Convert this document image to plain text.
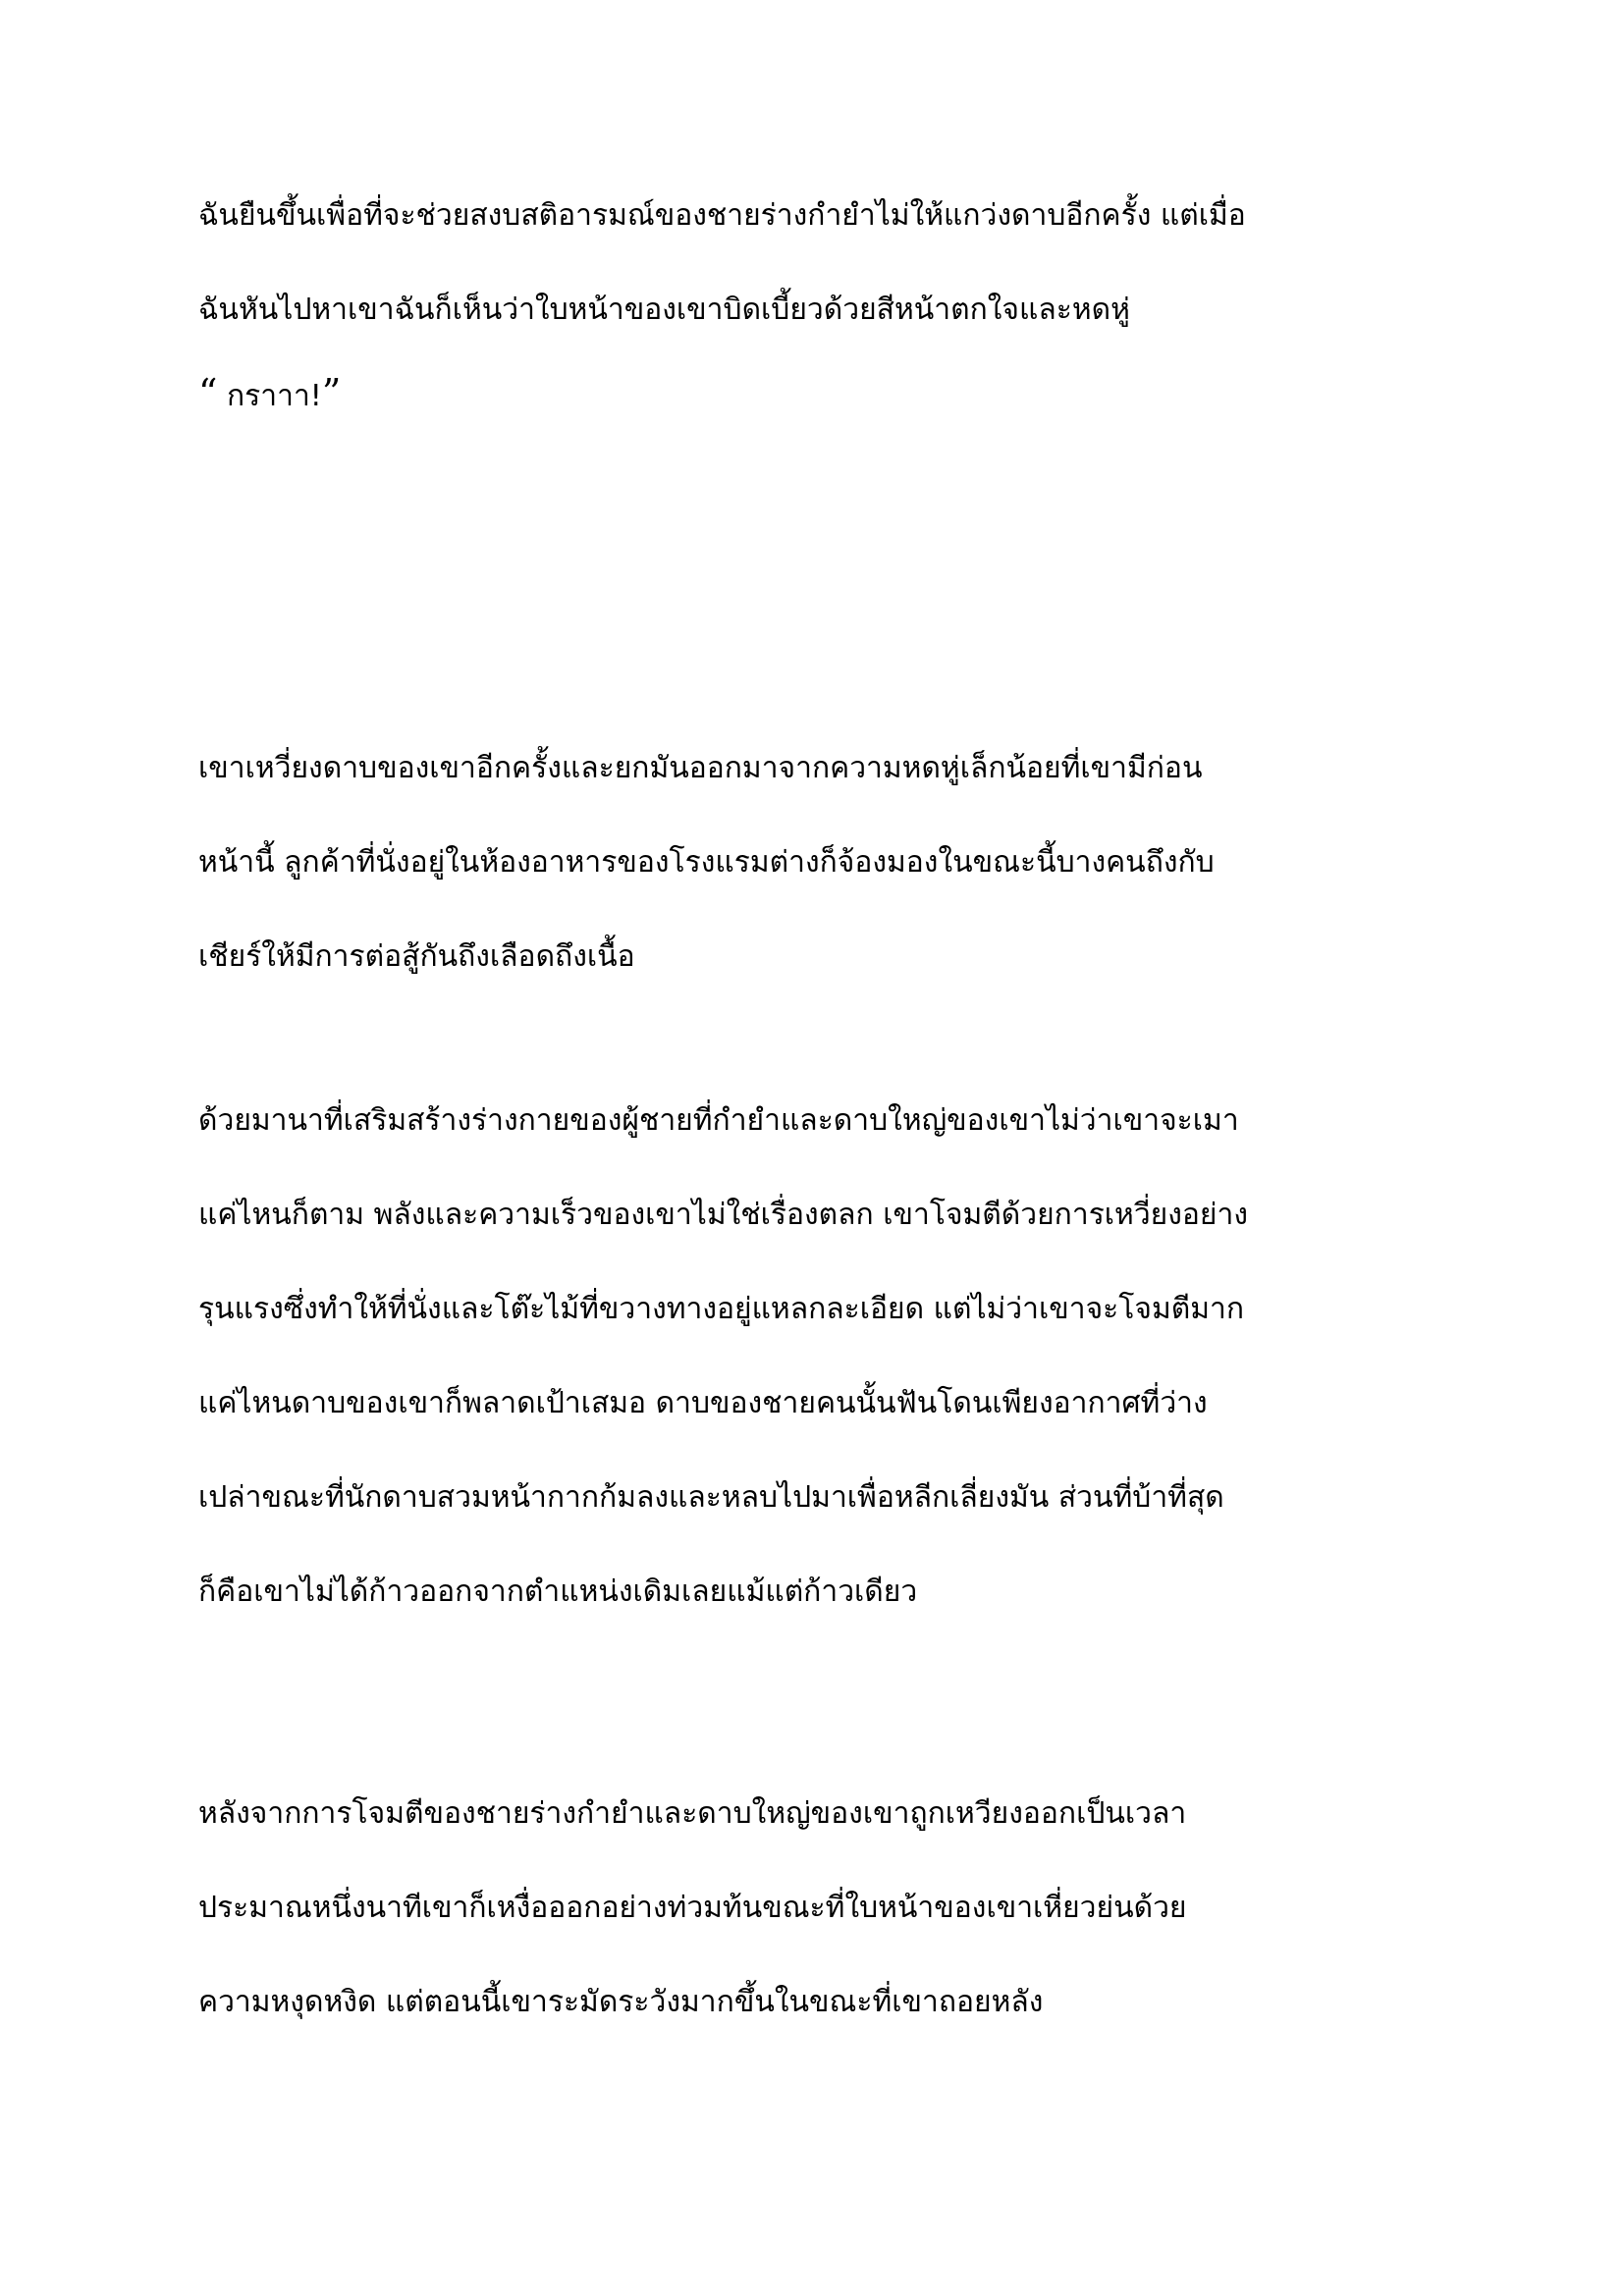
ฉันยืนขึ้นเพื่อที่จะช่วยสงบสติอารมณ์ของชายร่างกำยำไม่ให้แกว่งดาบอีกครั้ง แต่เมื่อ
ฉันหันไปหาเขาฉันก็เห็นว่าใบหน้าของเขาบิดเบี้ยวด้วยสีหน้าตกใจและหดหู่
“ กราาา!”
เขาเหวี่ยงดาบของเขาอีกครั้งและยกมันออกมาจากความหดหู่เล็กน้อยที่เขามีก่อน
หน้านี้ ลูกค้าที่นั่งอยู่ในห้องอาหารของโรงแรมต่างก็จ้องมองในขณะนี้บางคนถึงกับ
เชียร์ให้มีการต่อสู้กันถึงเลือดถึงเนื้อ
ด้วยมานาที่เสริมสร้างร่างกายของผู้ชายที่กำยำและดาบใหญ่ของเขาไม่ว่าเขาจะเมา
แค่ไหนก็ตาม พลังและความเร็วของเขาไม่ใช่เรื่องตลก เขาโจมตีด้วยการเหวี่ยงอย่าง
รุนแรงซึ่งทำให้ที่นั่งและโต๊ะไม้ที่ขวางทางอยู่แหลกละเอียด แต่ไม่ว่าเขาจะโจมตีมาก
แค่ไหนดาบของเขาก็พลาดเป้าเสมอ ดาบของชายคนนั้นฟันโดนเพียงอากาศที่ว่าง
เปล่าขณะที่นักดาบสวมหน้ากากก้มลงและหลบไปมาเพื่อหลีกเลี่ยงมัน ส่วนที่บ้าที่สุด
ก็คือเขาไม่ได้ก้าวออกจากตำแหน่งเดิมเลยแม้แต่ก้าวเดียว
หลังจากการโจมตีของชายร่างกำยำและดาบใหญ่ของเขาถูกเหวียงออกเป็นเวลา
ประมาณหนึ่งนาทีเขาก็เหงื่อออกอย่างท่วมท้นขณะที่ใบหน้าของเขาเหี่ยวย่นด้วย
ความหงุดหงิด แต่ตอนนี้เขาระมัดระวังมากขึ้นในขณะที่เขาถอยหลัง
